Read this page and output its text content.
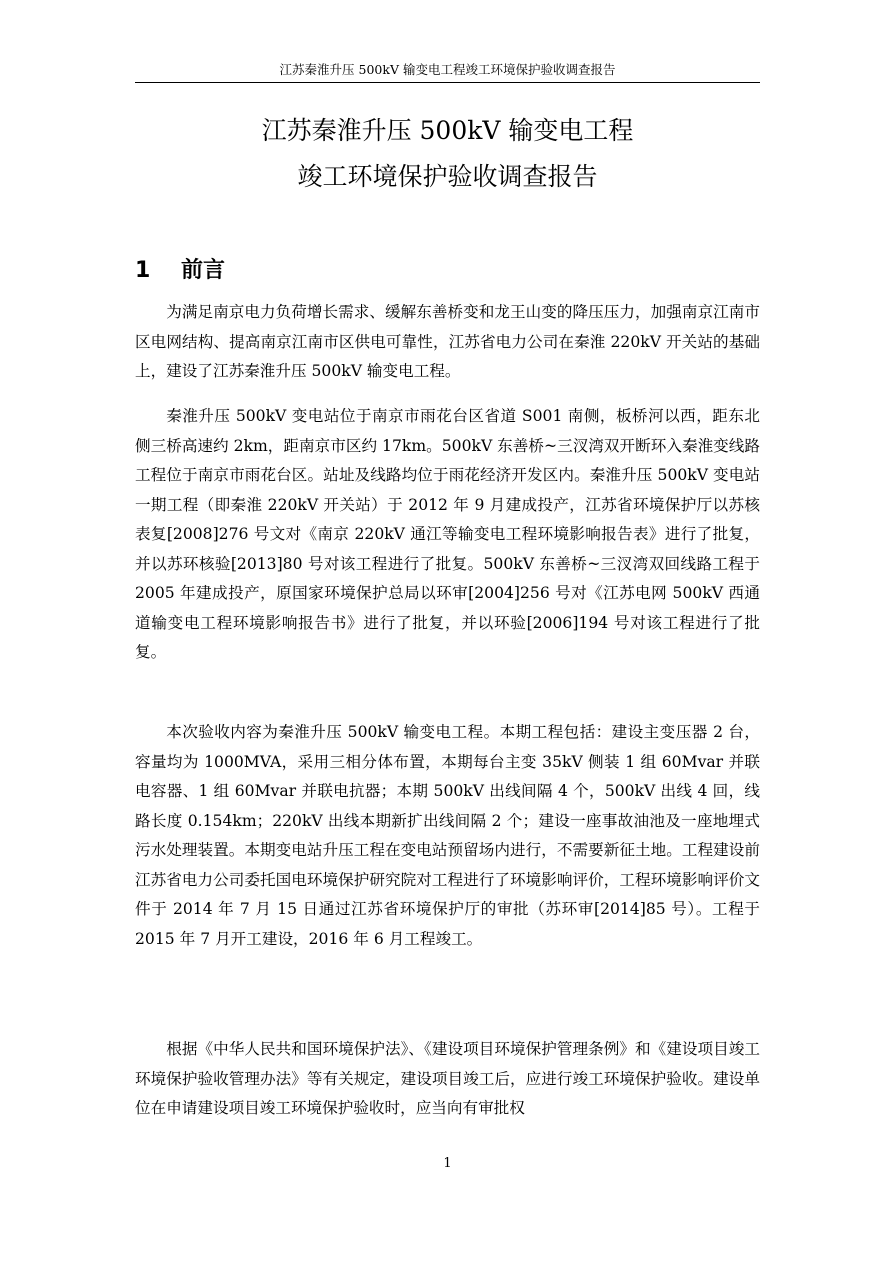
江苏秦淮升压 500kV 输变电工程竣工环境保护验收调查报告
江苏秦淮升压 500kV 输变电工程
竣工环境保护验收调查报告
1 前言

为满足南京电力负荷增长需求、缓解东善桥变和龙王山变的降压压力，加强南京江南市区电网结构、提高南京江南市区供电可靠性，江苏省电力公司在秦淮 220kV 开关站的基础上，建设了江苏秦淮升压 500kV 输变电工程。

秦淮升压 500kV 变电站位于南京市雨花台区省道 S001 南侧，板桥河以西，距东北侧三桥高速约 2km，距南京市区约 17km。500kV 东善桥~三汊湾双开断环入秦淮变线路工程位于南京市雨花台区。站址及线路均位于雨花经济开发区内。秦淮升压 500kV 变电站一期工程（即秦淮 220kV 开关站）于 2012 年 9 月建成投产，江苏省环境保护厅以苏核表复[2008]276 号文对《南京 220kV 通江等输变电工程环境影响报告表》进行了批复，并以苏环核验[2013]80 号对该工程进行了批复。500kV 东善桥~三汊湾双回线路工程于 2005 年建成投产，原国家环境保护总局以环审[2004]256 号对《江苏电网 500kV 西通道输变电工程环境影响报告书》进行了批复，并以环验[2006]194 号对该工程进行了批复。

本次验收内容为秦淮升压 500kV 输变电工程。本期工程包括：建设主变压器 2 台，容量均为 1000MVA，采用三相分体布置，本期每台主变 35kV 侧装 1 组 60Mvar 并联电容器、1 组 60Mvar 并联电抗器；本期 500kV 出线间隔 4 个，500kV 出线 4 回，线路长度 0.154km；220kV 出线本期新扩出线间隔 2 个；建设一座事故油池及一座地埋式污水处理装置。本期变电站升压工程在变电站预留场内进行，不需要新征土地。工程建设前江苏省电力公司委托国电环境保护研究院对工程进行了环境影响评价，工程环境影响评价文件于 2014 年 7 月 15 日通过江苏省环境保护厅的审批（苏环审[2014]85 号）。工程于 2015 年 7 月开工建设，2016 年 6 月工程竣工。

根据《中华人民共和国环境保护法》、《建设项目环境保护管理条例》和《建设项目竣工环境保护验收管理办法》等有关规定，建设项目竣工后，应进行竣工环境保护验收。建设单位在申请建设项目竣工环境保护验收时，应当向有审批权

1
